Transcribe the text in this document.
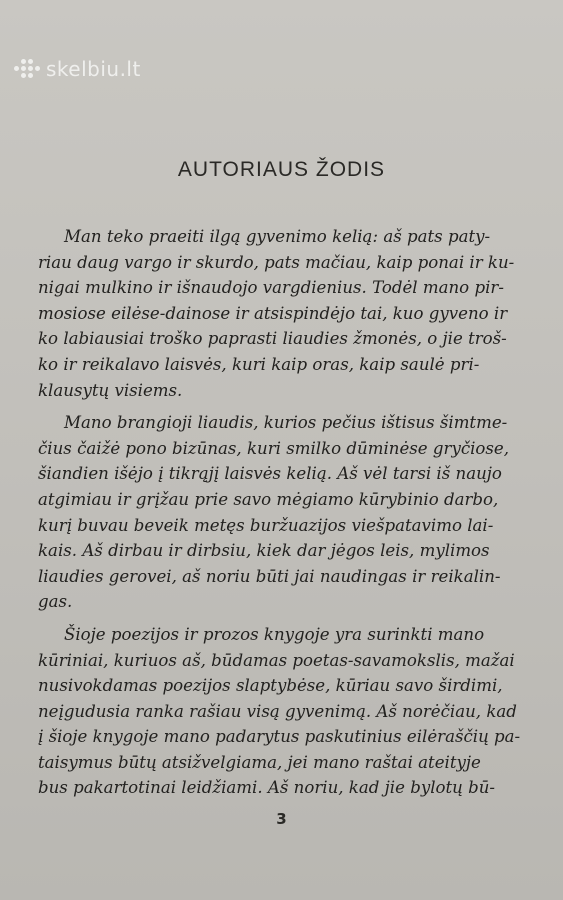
skelbiu.lt
AUTORIAUS ŽODIS

Man teko praeiti ilgą gyvenimo kelią: aš pats paty-
riau daug vargo ir skurdo, pats mačiau, kaip ponai ir ku-
nigai mulkino ir išnaudojo vargdienius. Todėl mano pir-
mosiose eilėse-dainose ir atsispindėjo tai, kuo gyveno ir
ko labiausiai troško paprasti liaudies žmonės, o jie troš-
ko ir reikalavo laisvės, kuri kaip oras, kaip saulė pri-
klausytų visiems.

Mano brangioji liaudis, kurios pečius ištisus šimtme-
čius čaižė pono bizūnas, kuri smilko dūminėse gryčiose,
šiandien išėjo į tikrąjį laisvės kelią. Aš vėl tarsi iš naujo
atgimiau ir grįžau prie savo mėgiamo kūrybinio darbo,
kurį buvau beveik metęs buržuazijos viešpatavimo lai-
kais. Aš dirbau ir dirbsiu, kiek dar jėgos leis, mylimos
liaudies gerovei, aš noriu būti jai naudingas ir reikalin-
gas.

Šioje poezijos ir prozos knygoje yra surinkti mano
kūriniai, kuriuos aš, būdamas poetas-savamokslis, mažai
nusivokdamas poezijos slaptybėse, kūriau savo širdimi,
neįgudusia ranka rašiau visą gyvenimą. Aš norėčiau, kad
į šioje knygoje mano padarytus paskutinius eilėraščių pa-
taisymus būtų atsižvelgiama, jei mano raštai ateityje
bus pakartotinai leidžiami. Aš noriu, kad jie bylotų bū-

3
